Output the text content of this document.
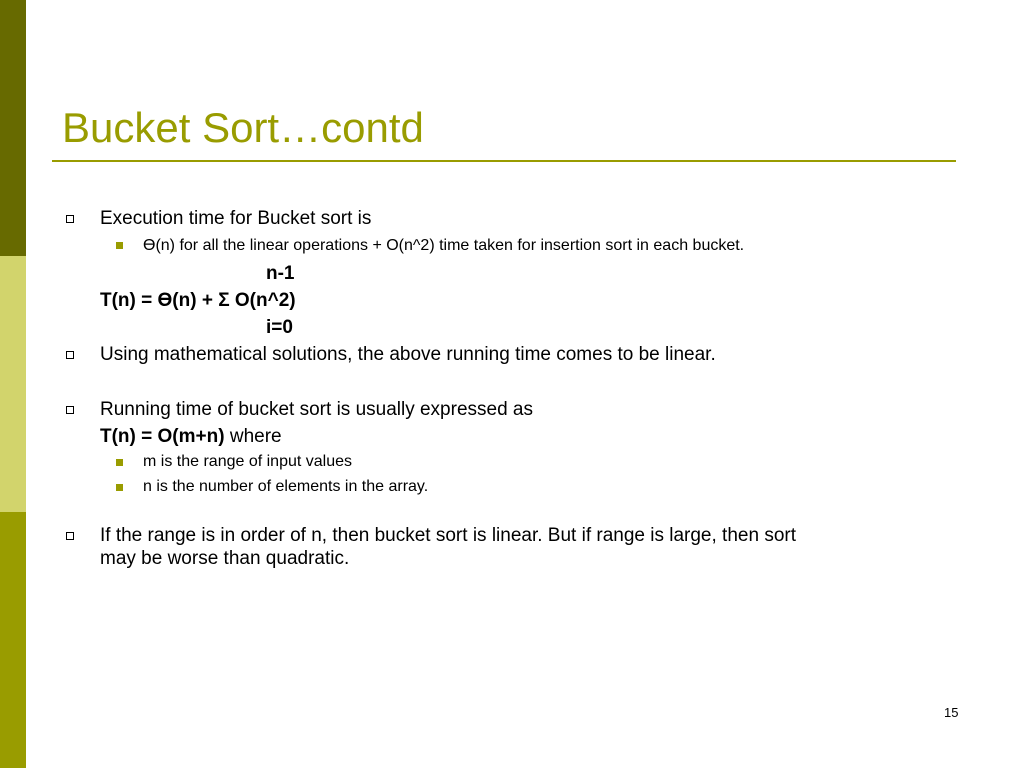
Bucket Sort…contd
Execution time for Bucket sort is
Ɵ(n) for all the linear operations + O(n^2) time taken for insertion sort in each bucket.
n-1
T(n) = Ɵ(n) + Σ O(n^2)
i=0
Using mathematical solutions, the above running time comes to be linear.
Running time of bucket sort is usually expressed as
T(n) = O(m+n) where
m is the range of input values
n is the number of elements in the array.
If the range is in order of n, then bucket sort is linear. But if range is large, then sort
may be worse than quadratic.
15
